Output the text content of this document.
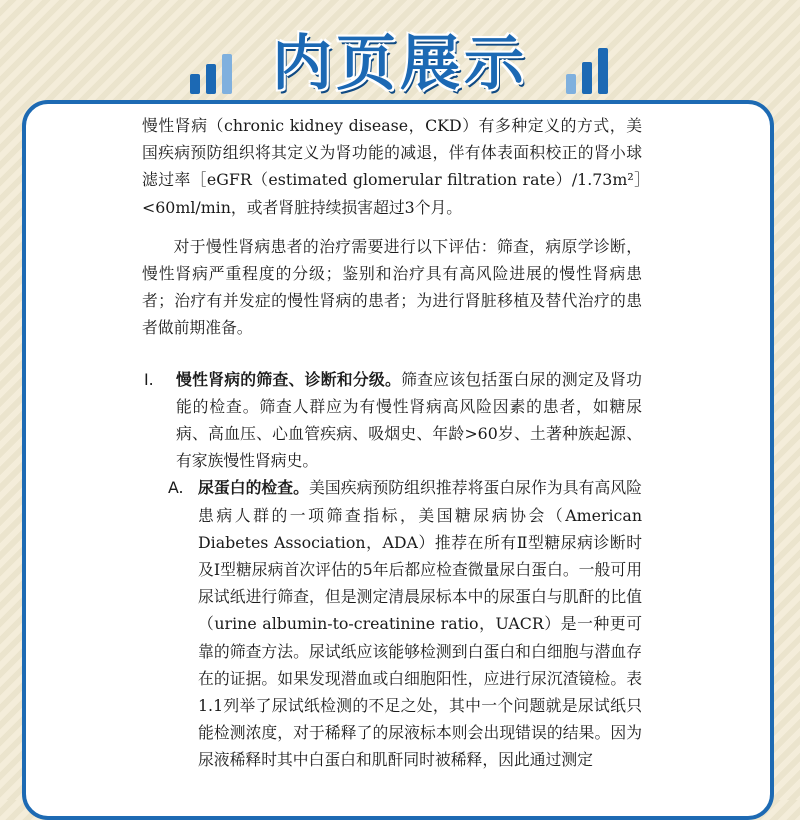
内页展示

慢性肾病（chronic kidney disease，CKD）有多种定义的方式，美国疾病预防组织将其定义为肾功能的减退，伴有体表面积校正的肾小球滤过率［eGFR（estimated glomerular filtration rate）/1.73m²］<60ml/min，或者肾脏持续损害超过3个月。

对于慢性肾病患者的治疗需要进行以下评估：筛查，病原学诊断，慢性肾病严重程度的分级；鉴别和治疗具有高风险进展的慢性肾病患者；治疗有并发症的慢性肾病的患者；为进行肾脏移植及替代治疗的患者做前期准备。

I. 慢性肾病的筛查、诊断和分级。筛查应该包括蛋白尿的测定及肾功能的检查。筛查人群应为有慢性肾病高风险因素的患者，如糖尿病、高血压、心血管疾病、吸烟史、年龄>60岁、土著种族起源、有家族慢性肾病史。

A. 尿蛋白的检查。美国疾病预防组织推荐将蛋白尿作为具有高风险患病人群的一项筛查指标，美国糖尿病协会（American Diabetes Association，ADA）推荐在所有Ⅱ型糖尿病诊断时及Ⅰ型糖尿病首次评估的5年后都应检查微量尿白蛋白。一般可用尿试纸进行筛查，但是测定清晨尿标本中的尿蛋白与肌酐的比值（urine albumin-to-creatinine ratio，UACR）是一种更可靠的筛查方法。尿试纸应该能够检测到白蛋白和白细胞与潜血存在的证据。如果发现潜血或白细胞阳性，应进行尿沉渣镜检。表1.1列举了尿试纸检测的不足之处，其中一个问题就是尿试纸只能检测浓度，对于稀释了的尿液标本则会出现错误的结果。因为尿液稀释时其中白蛋白和肌酐同时被稀释，因此通过测定
